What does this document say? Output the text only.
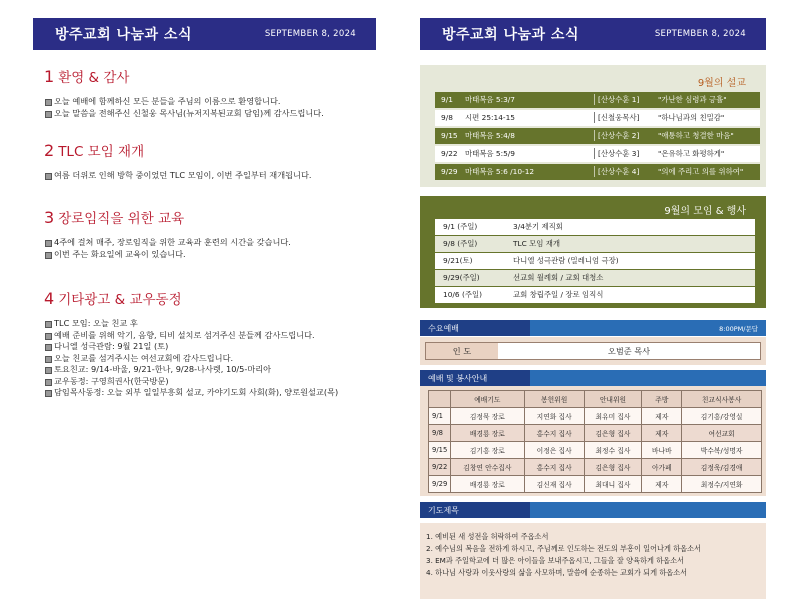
방주교회 나눔과 소식	SEPTEMBER 8, 2024	방주교회 나눔과 소식	SEPTEMBER 8, 2024
1 환영 & 감사
오늘 예배에 함께하신 모든 분들을 주님의 이름으로 환영합니다.
오늘 말씀을 전해주신 신철웅 목사님(뉴저지복된교회 담임)께 감사드립니다.
2 TLC 모임 재개
여름 더위로 인해 방학 중이었던 TLC 모임이, 이번 주일부터 재개됩니다.
3 장로임직을 위한 교육
4주에 걸쳐 매주, 장로임직을 위한 교육과 훈련의 시간을 갖습니다.
이번 주는 화요일에 교육이 있습니다.
4 기타광고 & 교우동정
TLC 모임: 오늘 친교 후
예배 준비를 위해 악기, 음향, 티비 설치로 섬겨주신 분들께 감사드립니다.
다니엘 성극관람: 9월 21일 (토)
오늘 친교를 섬겨주시는 여선교회에 감사드립니다.
토요친교: 9/14-바울, 9/21-한나, 9/28-나사렛, 10/5-마리아
교우동정: 구영희권사(한국방문)
담임목사동정: 오늘 외부 일일부흥회 설교, 카야기도회 사회(화), 양로원설교(목)
9월의 설교
9/1	마태복음 5:3/7	[산상수훈 1]	"가난한 심령과 긍휼"
9/8	시편 25:14-15	[신철웅목사]	"하나님과의 친밀감"
9/15 마태복음 5:4/8	[산상수훈 2]	"애통하고 청결한 마음"
9/22 마태복음 5:5/9	[산상수훈 3]	"온유하고 화평하게"
9/29 마태복음 5:6 /10-12	[산상수훈 4]	"의에 주리고 의를 위하여"
9월의 모임 & 행사
9/1 (주일)	3/4분기 제직회
9/8 (주일)	TLC 모임 재개
9/21(토)	다니엘 성극관람 (밀레니엄 극장)
9/29(주일)	선교회 월례회 / 교회 대청소
10/6 (주일)	교회 창립주일 / 장로 임직식
수요예배	8:00PM/문답
인 도	오범준 목사
예배 및 봉사안내
	예배기도	봉헌위원	안내위원	주방	친교식사봉사
9/1	김정묵 장로	지연화 집사	최유미 집사	제자	김기흥/강영실
9/8	배경룡 장로	홍수지 집사	김은형 집사	제자	여선교회
9/15	김기흥 장로	이정은 집사	최정수 집사	바나바	박수복/성명자
9/22	김창연 안수집사	홍수지 집사	김은형 집사	아가페	김정욱/김경애
9/29	배경룡 장로	김신재 집사	최대니 집사	제자	최정수/지연화
기도제목
1. 예비된 새 성전을 허락하여 주옵소서
2. 예수님의 복음을 전하게 하시고, 주님께로 인도하는 전도의 부흥이 일어나게 하옵소서
3. EM과 주일학교에 더 많은 아이들을 보내주옵시고, 그들을 잘 양육하게 하옵소서
4. 하나님 사랑과 이웃사랑의 삶을 사모하며, 말씀에 순종하는 교회가 되게 하옵소서
